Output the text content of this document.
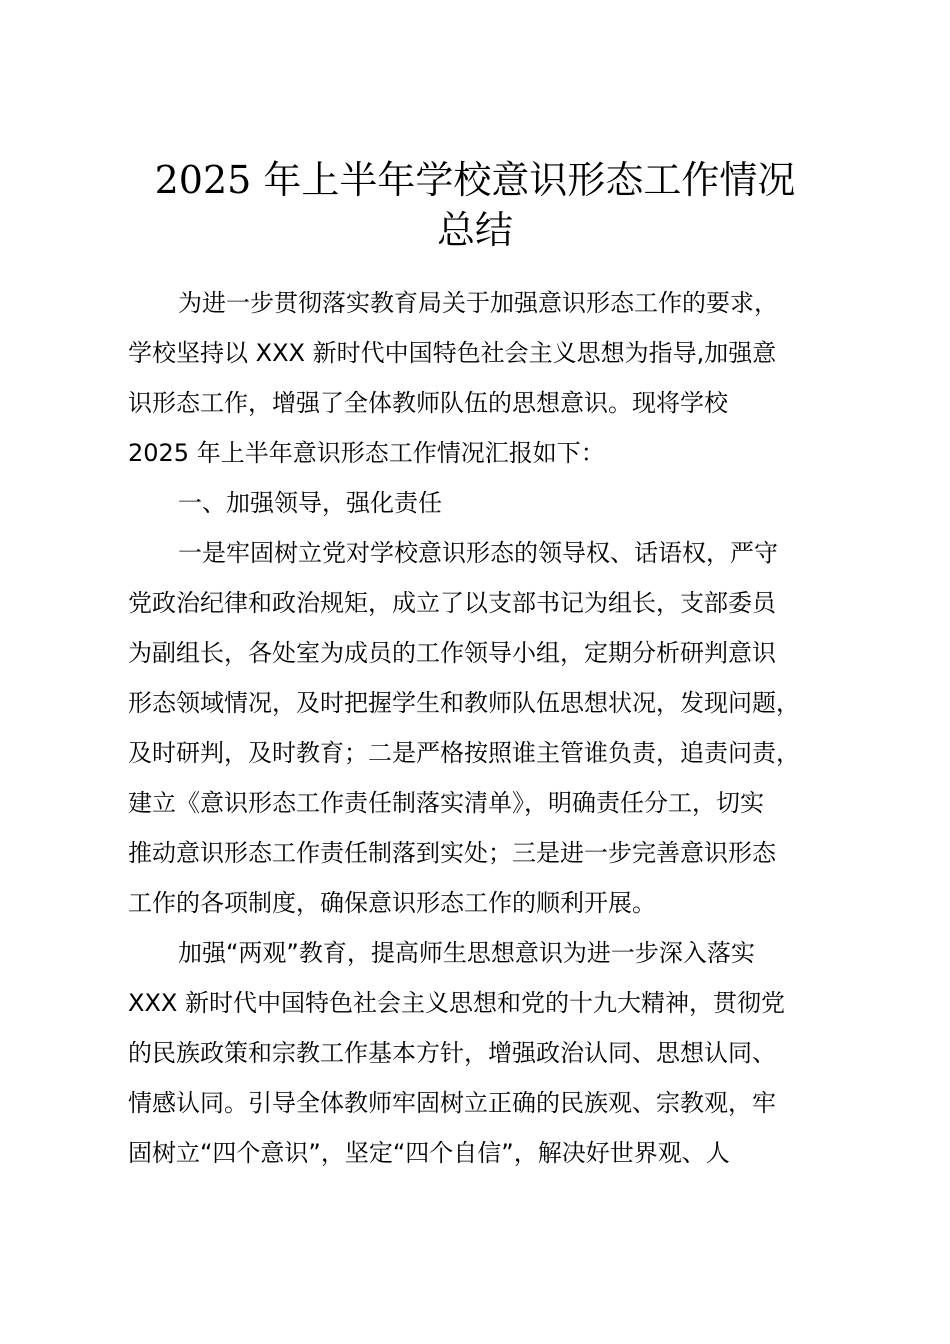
2025 年上半年学校意识形态工作情况
总结
为进一步贯彻落实教育局关于加强意识形态工作的要求，
学校坚持以 XXX 新时代中国特色社会主义思想为指导,加强意
识形态工作，增强了全体教师队伍的思想意识。现将学校
2025 年上半年意识形态工作情况汇报如下：
一、加强领导，强化责任
一是牢固树立党对学校意识形态的领导权、话语权，严守
党政治纪律和政治规矩，成立了以支部书记为组长，支部委员
为副组长，各处室为成员的工作领导小组，定期分析研判意识
形态领域情况，及时把握学生和教师队伍思想状况，发现问题，
及时研判，及时教育；二是严格按照谁主管谁负责，追责问责，
建立《意识形态工作责任制落实清单》，明确责任分工，切实
推动意识形态工作责任制落到实处；三是进一步完善意识形态
工作的各项制度，确保意识形态工作的顺利开展。
加强“两观”教育，提高师生思想意识为进一步深入落实
XXX 新时代中国特色社会主义思想和党的十九大精神，贯彻党
的民族政策和宗教工作基本方针，增强政治认同、思想认同、
情感认同。引导全体教师牢固树立正确的民族观、宗教观，牢
固树立“四个意识”，坚定“四个自信”，解决好世界观、人
